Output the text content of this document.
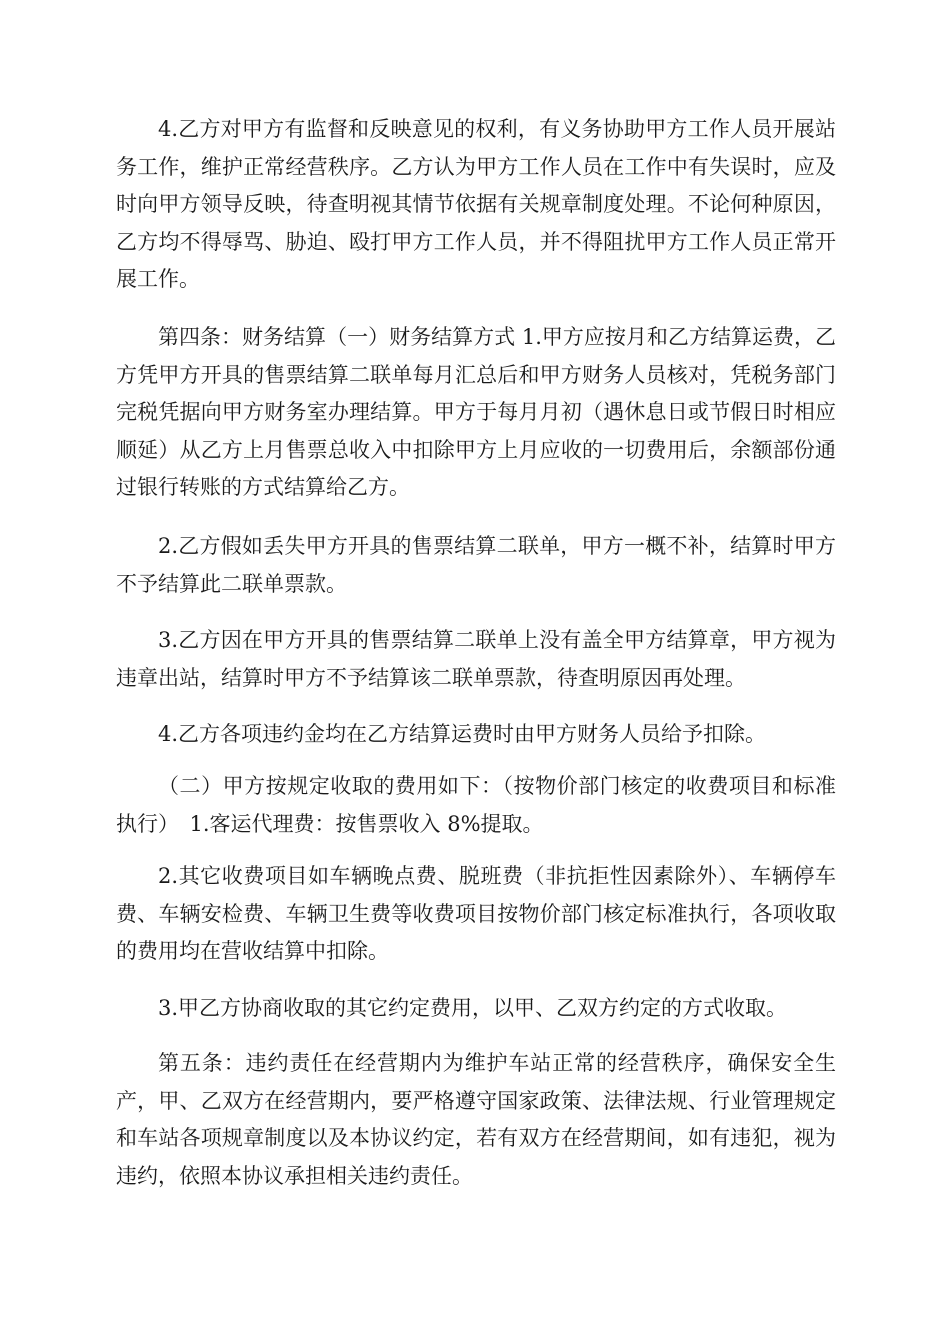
4.乙方对甲方有监督和反映意见的权利，有义务协助甲方工作人员开展站务工作，维护正常经营秩序。乙方认为甲方工作人员在工作中有失误时，应及时向甲方领导反映，待查明视其情节依据有关规章制度处理。不论何种原因，乙方均不得辱骂、胁迫、殴打甲方工作人员，并不得阻扰甲方工作人员正常开展工作。

第四条：财务结算（一）财务结算方式 1.甲方应按月和乙方结算运费，乙方凭甲方开具的售票结算二联单每月汇总后和甲方财务人员核对，凭税务部门完税凭据向甲方财务室办理结算。甲方于每月月初（遇休息日或节假日时相应顺延）从乙方上月售票总收入中扣除甲方上月应收的一切费用后，余额部份通过银行转账的方式结算给乙方。

2.乙方假如丢失甲方开具的售票结算二联单，甲方一概不补，结算时甲方不予结算此二联单票款。

3.乙方因在甲方开具的售票结算二联单上没有盖全甲方结算章，甲方视为违章出站，结算时甲方不予结算该二联单票款，待查明原因再处理。

4.乙方各项违约金均在乙方结算运费时由甲方财务人员给予扣除。

（二）甲方按规定收取的费用如下：（按物价部门核定的收费项目和标准执行）　1.客运代理费：按售票收入 8%提取。

2.其它收费项目如车辆晚点费、脱班费（非抗拒性因素除外）、车辆停车费、车辆安检费、车辆卫生费等收费项目按物价部门核定标准执行，各项收取的费用均在营收结算中扣除。

3.甲乙方协商收取的其它约定费用，以甲、乙双方约定的方式收取。

第五条：违约责任在经营期内为维护车站正常的经营秩序，确保安全生产，甲、乙双方在经营期内，要严格遵守国家政策、法律法规、行业管理规定和车站各项规章制度以及本协议约定，若有双方在经营期间，如有违犯，视为违约，依照本协议承担相关违约责任。
